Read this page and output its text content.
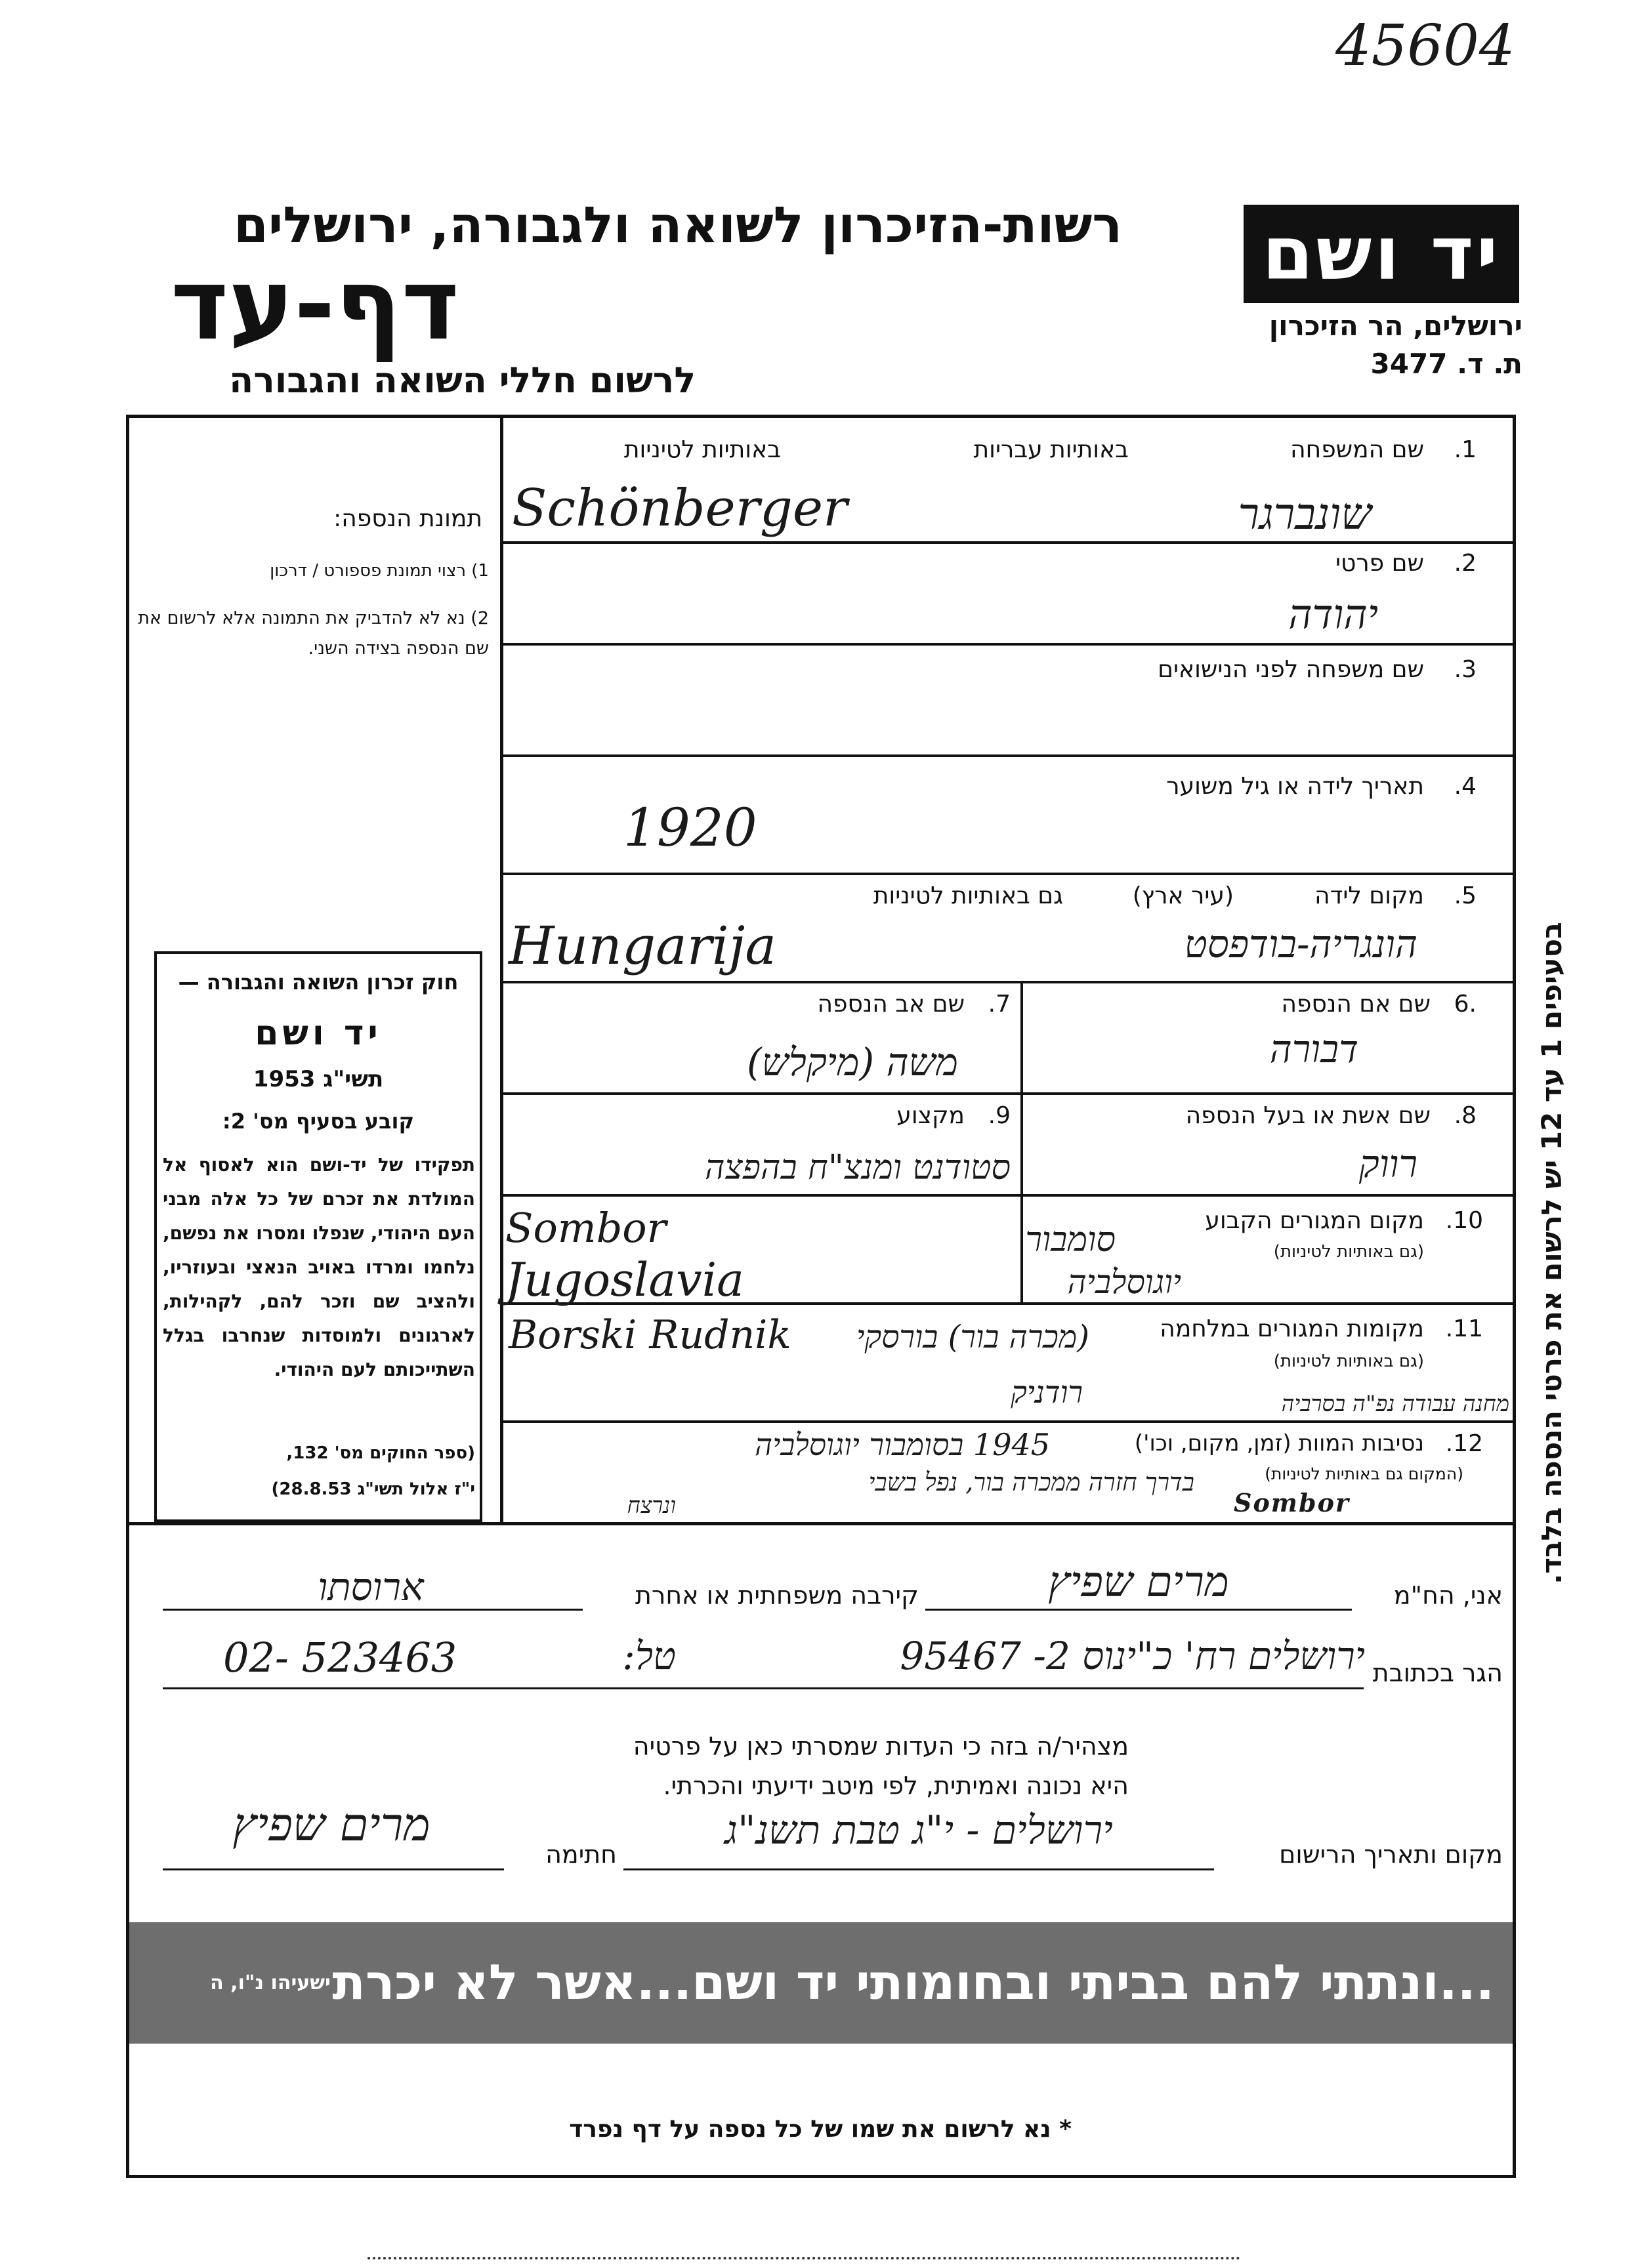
45604
יד ושם
ירושלים, הר הזיכרון
ת. ד. 3477
רשות-הזיכרון לשואה ולגבורה, ירושלים
דף-עד
לרשום חללי השואה והגבורה
תמונת הנספה:
1) רצוי תמונת פספורט / דרכון
2) נא לא להדביק את התמונה אלא לרשום את שם הנספה בצידה השני.
חוק זכרון השואה והגבורה —
יד ושם
תשי"ג 1953
קובע בסעיף מס' 2:
תפקידו של יד-ושם הוא לאסוף אל המולדת את זכרם של כל אלה מבני העם היהודי, שנפלו ומסרו את נפשם, נלחמו ומרדו באויב הנאצי ובעוזריו, ולהציב שם וזכר להם, לקהילות, לארגונים ולמוסדות שנחרבו בגלל השתייכותם לעם היהודי.
(ספר החוקים מס' 132,
י"ז אלול תשי"ג 28.8.53)	בסעיפים 1 עד 12 יש לרשום את פרטי הנספה בלבד.
1.
שם המשפחה
באותיות עבריות
באותיות לטיניות
Schönberger	שונברגר
2.
שם פרטי
יהודה
3.
שם משפחה לפני הנישואים
4.
תאריך לידה או גיל משוער
1920
5.
מקום לידה
(עיר ארץ)
גם באותיות לטיניות
Hungarija	הונגריה-בודפסט
.6
שם אם הנספה
דבורה
7.
שם אב הנספה
משה (מיקלש)
8.
שם אשת או בעל הנספה
רווק
9.
מקצוע
סטודנט ומנצ"ח בהפצה
10.
מקום המגורים הקבוע
(גם באותיות לטיניות)
סומבור
יוגוסלביה
Sombor
Jugoslavia
11.
מקומות המגורים במלחמה
(גם באותיות לטיניות)
(מכרה בור) בורסקי
רודניק	מחנה עבודה נפ"ה בסרביה
Borski Rudnik
12.
נסיבות המוות (זמן, מקום, וכו')
(המקום גם באותיות לטיניות)
1945 בסומבור יוגוסלביה
בדרך חזרה ממכרה בור, נפל בשבי
ונרצח	Sombor
אני, הח"מ
מרים שפיץ
קירבה משפחתית או אחרת
ארוסתו
הגר בכתובת
ירושלים רח' כ"ינוס 2- 95467
טל:
02- 523463
מצהיר/ה בזה כי העדות שמסרתי כאן על פרטיה
היא נכונה ואמיתית, לפי מיטב ידיעתי והכרתי.
מקום ותאריך הרישום
ירושלים - י"ג טבת תשנ"ג
חתימה
מרים שפיץ
...ונתתי להם בביתי ובחומותי יד ושם...אשר לא יכרת
ישעיהו נ"ו, ה
* נא לרשום את שמו של כל נספה על דף נפרד
